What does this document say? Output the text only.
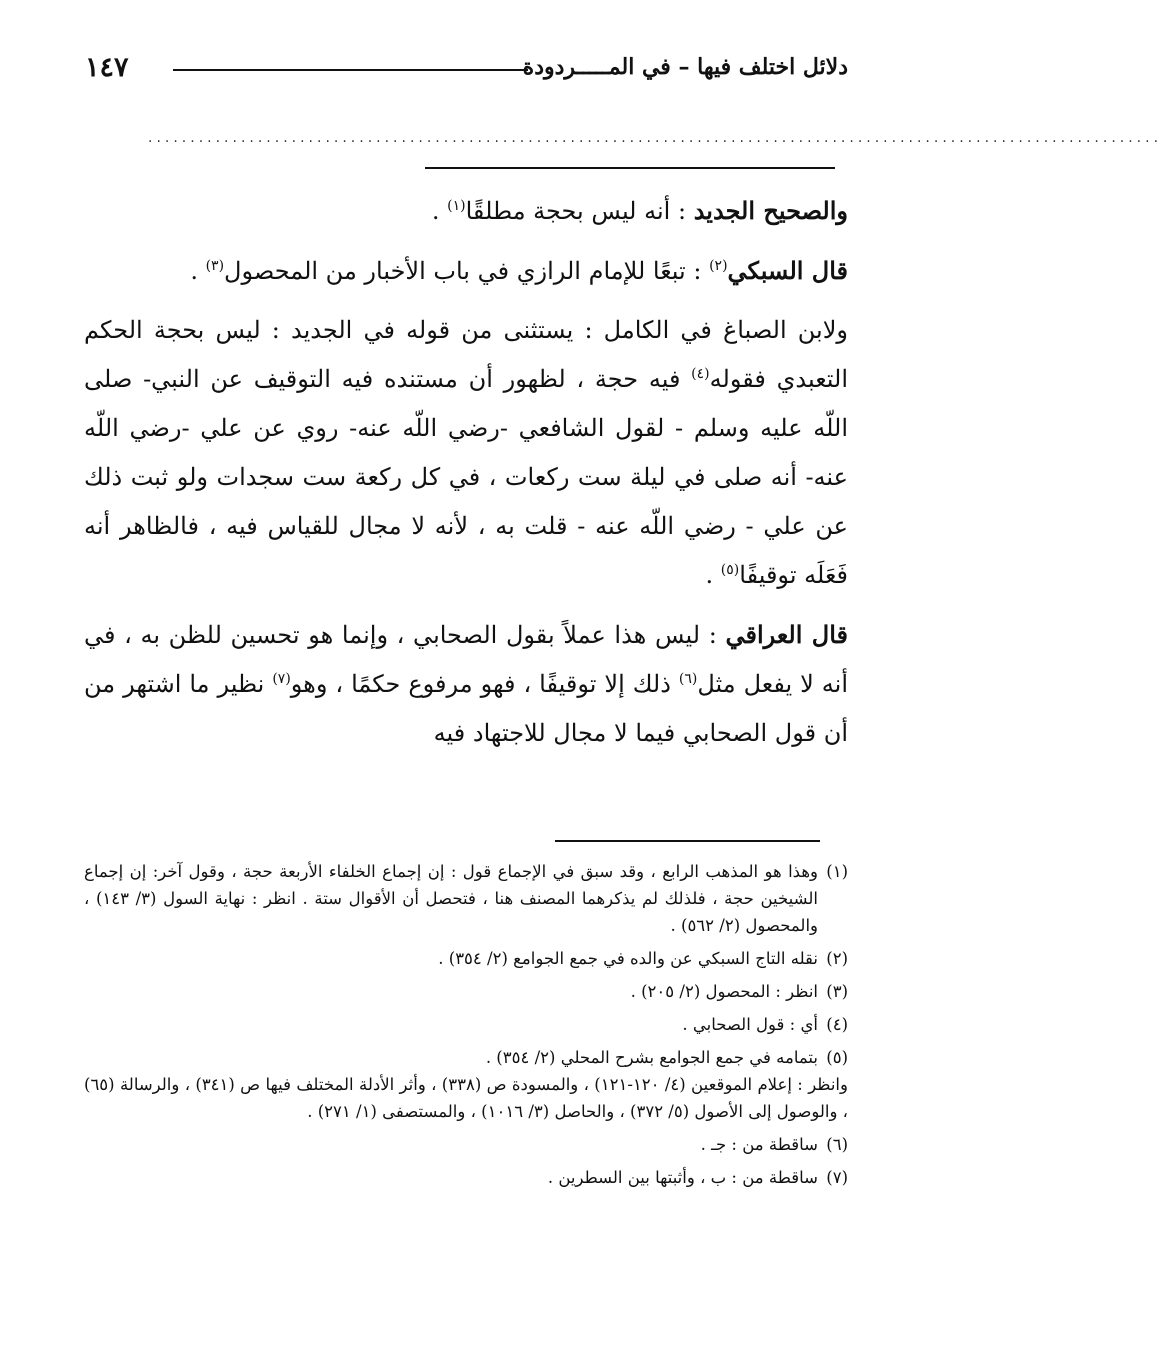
دلائل اختلف فيها – في المـــــردودة
١٤٧
........................................................................................................................

والصحيح الجديد : أنه ليس بحجة مطلقًا$^{(١)}$ .

قال السبكي$^{(٢)}$ : تبعًا للإمام الرازي في باب الأخبار من المحصول$^{(٣)}$ .

ولابن الصباغ في الكامل : يستثنى من قوله في الجديد : ليس بحجة الحكم التعبدي فقوله$^{(٤)}$ فيه حجة ، لظهور أن مستنده فيه التوقيف عن النبي- صلى اللّه عليه وسلم - لقول الشافعي -رضي اللّه عنه- روي عن علي -رضي اللّه عنه- أنه صلى في ليلة ست ركعات ، في كل ركعة ست سجدات ولو ثبت ذلك عن علي - رضي اللّه عنه - قلت به ، لأنه لا مجال للقياس فيه ، فالظاهر أنه فَعَلَه توقيفًا$^{(٥)}$ .

قال العراقي : ليس هذا عملاً بقول الصحابي ، وإنما هو تحسين للظن به ، في أنه لا يفعل مثل$^{(٦)}$ ذلك إلا توقيفًا ، فهو مرفوع حكمًا ، وهو$^{(٧)}$ نظير ما اشتهر من أن قول الصحابي فيما لا مجال للاجتهاد فيه

(١)
وهذا هو المذهب الرابع ، وقد سبق في الإجماع قول : إن إجماع الخلفاء الأربعة حجة ، وقول آخر: إن إجماع الشيخين حجة ، فلذلك لم يذكرهما المصنف هنا ، فتحصل أن الأقوال ستة . انظر : نهاية السول (٣/ ١٤٣) ، والمحصول (٢/ ٥٦٢) .
(٢)
نقله التاج السبكي عن والده في جمع الجوامع (٢/ ٣٥٤) .
(٣)
انظر : المحصول (٢/ ٢٠٥) .
(٤)
أي : قول الصحابي .
(٥)
بتمامه في جمع الجوامع بشرح المحلي (٢/ ٣٥٤) .
وانظر : إعلام الموقعين (٤/ ١٢٠-١٢١) ، والمسودة ص (٣٣٨) ، وأثر الأدلة المختلف فيها ص (٣٤١) ، والرسالة (٦٥) ، والوصول إلى الأصول (٥/ ٣٧٢) ، والحاصل (٣/ ١٠١٦) ، والمستصفى (١/ ٢٧١) .
(٦)
ساقطة من : جـ .
(٧)
ساقطة من : ب ، وأثبتها بين السطرين .
